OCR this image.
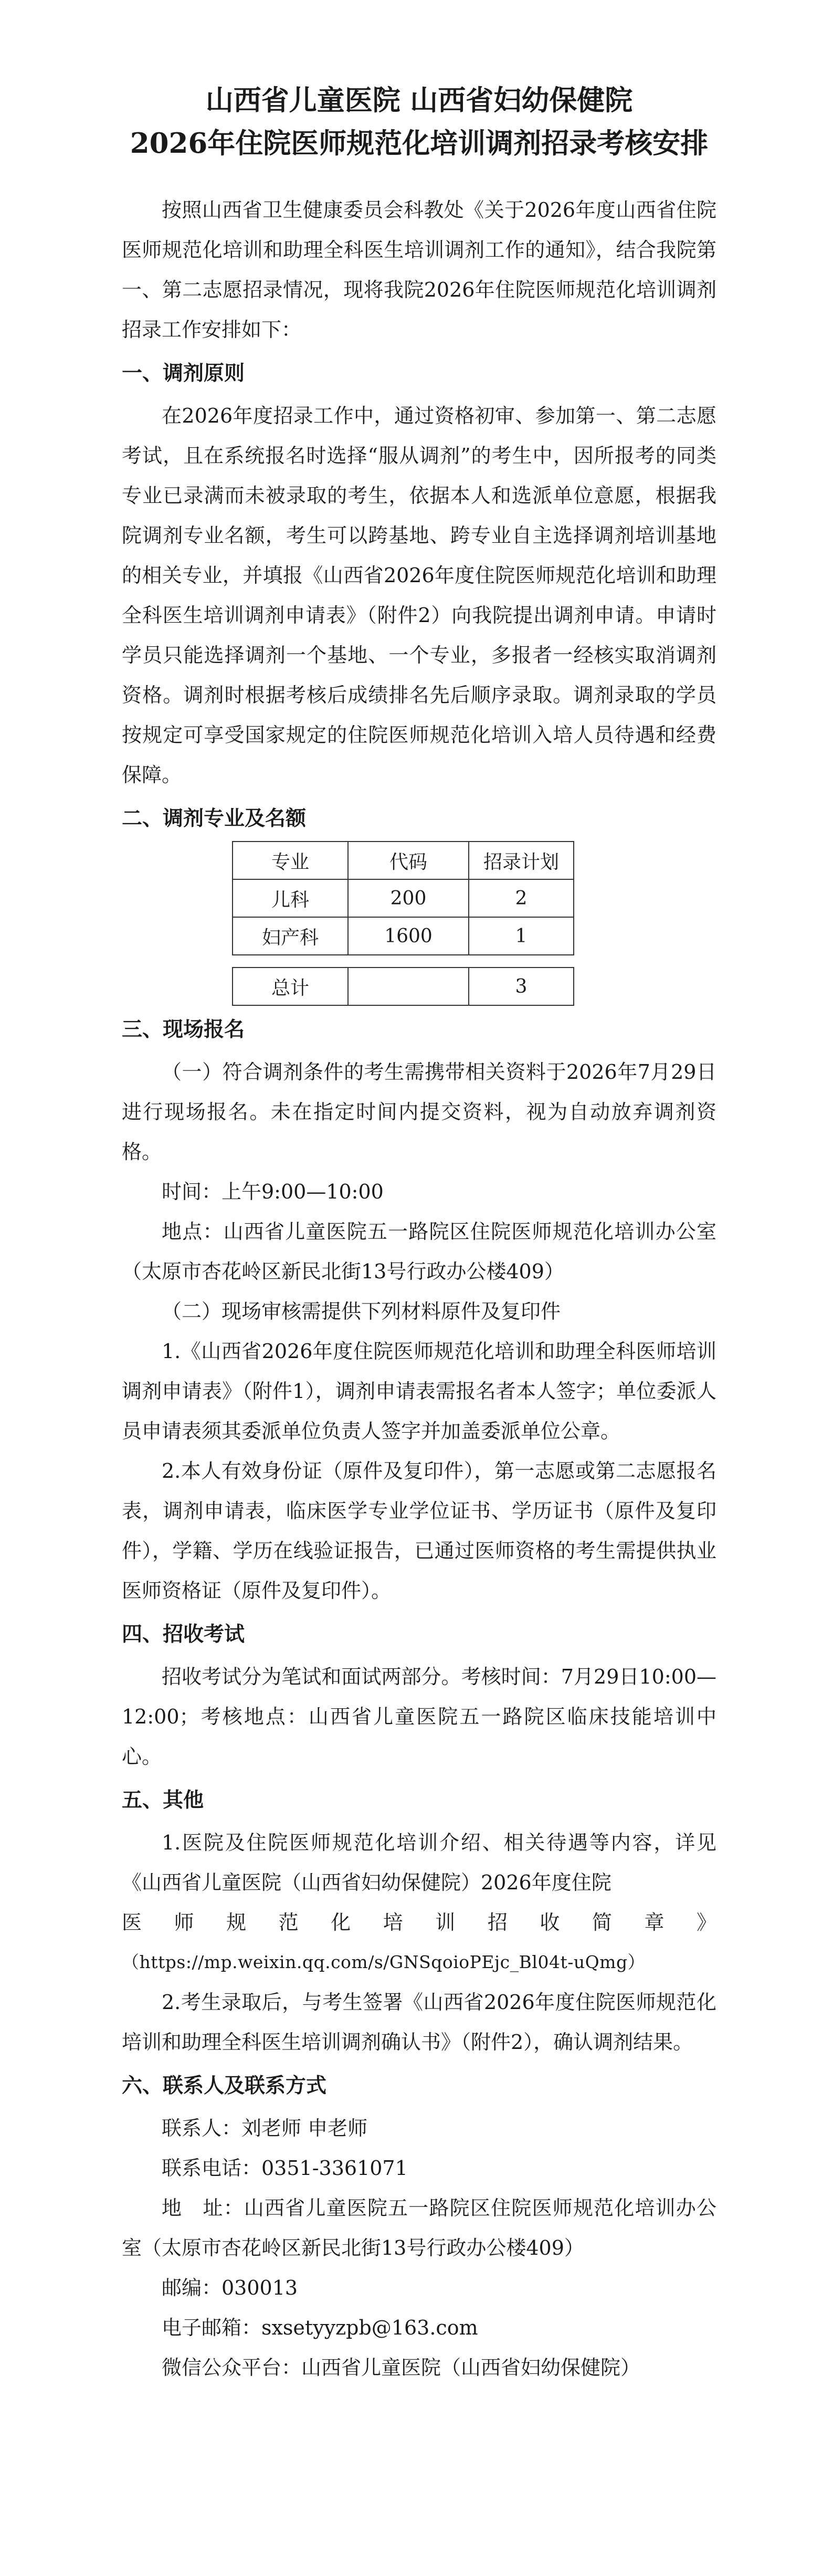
山西省儿童医院 山西省妇幼保健院
2026年住院医师规范化培训调剂招录考核安排

按照山西省卫生健康委员会科教处《关于2026年度山西省住院医师规范化培训和助理全科医生培训调剂工作的通知》，结合我院第一、第二志愿招录情况，现将我院2026年住院医师规范化培训调剂招录工作安排如下：

一、调剂原则

在2026年度招录工作中，通过资格初审、参加第一、第二志愿考试，且在系统报名时选择“服从调剂”的考生中，因所报考的同类专业已录满而未被录取的考生，依据本人和选派单位意愿，根据我院调剂专业名额，考生可以跨基地、跨专业自主选择调剂培训基地的相关专业，并填报《山西省2026年度住院医师规范化培训和助理全科医生培训调剂申请表》（附件2）向我院提出调剂申请。申请时学员只能选择调剂一个基地、一个专业，多报者一经核实取消调剂资格。调剂时根据考核后成绩排名先后顺序录取。调剂录取的学员按规定可享受国家规定的住院医师规范化培训入培人员待遇和经费保障。

二、调剂专业及名额
专业	代码	招录计划
儿科	200	2
妇产科	1600	1
总计		3
三、现场报名

（一）符合调剂条件的考生需携带相关资料于2026年7月29日进行现场报名。未在指定时间内提交资料，视为自动放弃调剂资格。

时间：上午9:00—10:00

地点：山西省儿童医院五一路院区住院医师规范化培训办公室（太原市杏花岭区新民北街13号行政办公楼409）

（二）现场审核需提供下列材料原件及复印件

1.《山西省2026年度住院医师规范化培训和助理全科医师培训调剂申请表》（附件1），调剂申请表需报名者本人签字；单位委派人员申请表须其委派单位负责人签字并加盖委派单位公章。

2.本人有效身份证（原件及复印件），第一志愿或第二志愿报名表，调剂申请表，临床医学专业学位证书、学历证书（原件及复印件），学籍、学历在线验证报告，已通过医师资格的考生需提供执业医师资格证（原件及复印件）。

四、招收考试

招收考试分为笔试和面试两部分。考核时间：7月29日10:00—12:00；考核地点：山西省儿童医院五一路院区临床技能培训中心。

五、其他

1.医院及住院医师规范化培训介绍、相关待遇等内容，详见《山西省儿童医院（山西省妇幼保健院）2026年度住院

医 师 规 范 化 培 训 招 收 简 章 》

（https://mp.weixin.qq.com/s/GNSqoioPEjc_Bl04t-uQmg）

2.考生录取后，与考生签署《山西省2026年度住院医师规范化培训和助理全科医生培训调剂确认书》（附件2），确认调剂结果。

六、联系人及联系方式

联系人：刘老师 申老师

联系电话：0351-3361071

地　址：山西省儿童医院五一路院区住院医师规范化培训办公室（太原市杏花岭区新民北街13号行政办公楼409）

邮编：030013

电子邮箱：sxsetyyzpb@163.com

微信公众平台：山西省儿童医院（山西省妇幼保健院）
